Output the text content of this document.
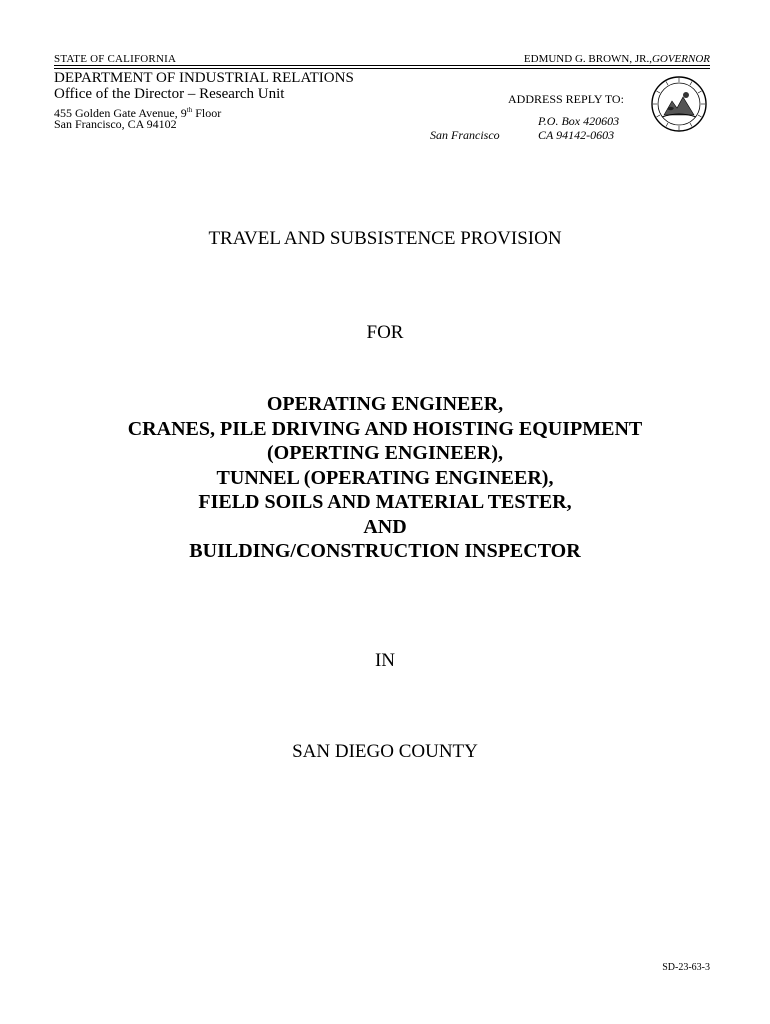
STATE OF CALIFORNIA	EDMUND G. BROWN, JR.,GOVERNOR
DEPARTMENT OF INDUSTRIAL RELATIONS
Office of the Director – Research Unit
455 Golden Gate Avenue, 9th Floor
San Francisco, CA 94102
ADDRESS REPLY TO:
P.O. Box 420603
San Francisco	CA 94142-0603
TRAVEL AND SUBSISTENCE PROVISION
FOR
OPERATING ENGINEER,
CRANES, PILE DRIVING AND HOISTING EQUIPMENT
(OPERTING ENGINEER),
TUNNEL (OPERATING ENGINEER),
FIELD SOILS AND MATERIAL TESTER,
AND
BUILDING/CONSTRUCTION INSPECTOR
IN
SAN DIEGO COUNTY
SD-23-63-3
